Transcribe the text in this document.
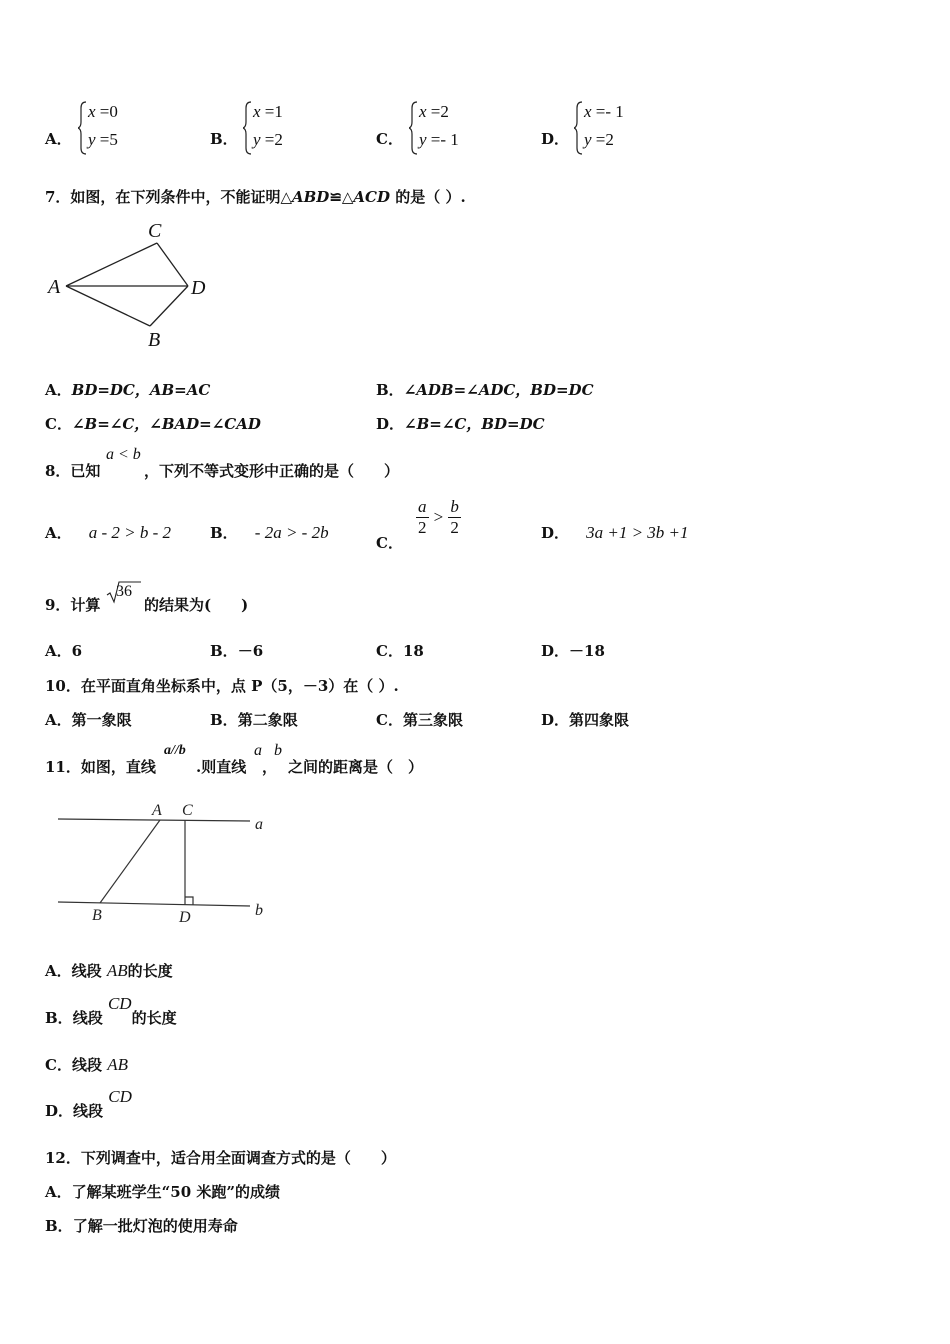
A．
x =0
y =5	B．
x =1
y =2	C．
x =2
y =- 1	D．
x =- 1
y =2
7．如图，在下列条件中，不能证明△ABD≌△ACD 的是（ ）.
A
C
D
B
A．BD=DC，AB=AC	B．∠ADB=∠ADC，BD=DC
C．∠B=∠C，∠BAD=∠CAD	D．∠B=∠C，BD=DC
8．已知
a < b
，下列不等式变形中正确的是（　　）
A． a - 2 > b - 2	B． - 2a > - 2b
C．
$\frac{a}{2} > \frac{b}{2}$	D． 3a +1 > 3b +1
9．计算
36
的结果为(　　)
A．6	B．－6	C．18	D．－18
10．在平面直角坐标系中，点 P（5，－3）在（ ）.
A．第一象限	B．第二象限	C．第三象限	D．第四象限
11．如图，直线
a//b
.则直线
a
，
b
之间的距离是（　）
A C
a
B	D	b
A．线段 AB的长度
B．线段 CD的长度
C．线段 AB
D．线段 CD
12．下列调查中，适合用全面调查方式的是（　　）
A．了解某班学生“50 米跑”的成绩
B．了解一批灯泡的使用寿命
